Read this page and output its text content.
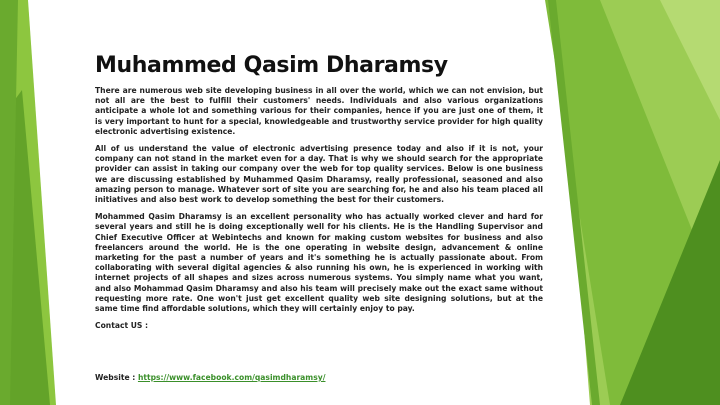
Muhammed Qasim Dharamsy

There are numerous web site developing business in all over the world, which we can not envision, but not all are the best to fulfill their customers' needs. Individuals and also various organizations anticipate a whole lot and something various for their companies, hence if you are just one of them, it is very important to hunt for a special, knowledgeable and trustworthy service provider for high quality electronic advertising existence.

All of us understand the value of electronic advertising presence today and also if it is not, your company can not stand in the market even for a day. That is why we should search for the appropriate provider can assist in taking our company over the web for top quality services. Below is one business we are discussing established by Muhammed Qasim Dharamsy, really professional, seasoned and also amazing person to manage. Whatever sort of site you are searching for, he and also his team placed all initiatives and also best work to develop something the best for their customers.

Mohammed Qasim Dharamsy is an excellent personality who has actually worked clever and hard for several years and still he is doing exceptionally well for his clients. He is the Handling Supervisor and Chief Executive Officer at Webintechs and known for making custom websites for business and also freelancers around the world. He is the one operating in website design, advancement & online marketing for the past a number of years and it's something he is actually passionate about. From collaborating with several digital agencies & also running his own, he is experienced in working with internet projects of all shapes and sizes across numerous systems. You simply name what you want, and also Mohammad Qasim Dharamsy and also his team will precisely make out the exact same without requesting more rate. One won't just get excellent quality web site designing solutions, but at the same time find affordable solutions, which they will certainly enjoy to pay.

Contact US :

Website : https://www.facebook.com/qasimdharamsy/
